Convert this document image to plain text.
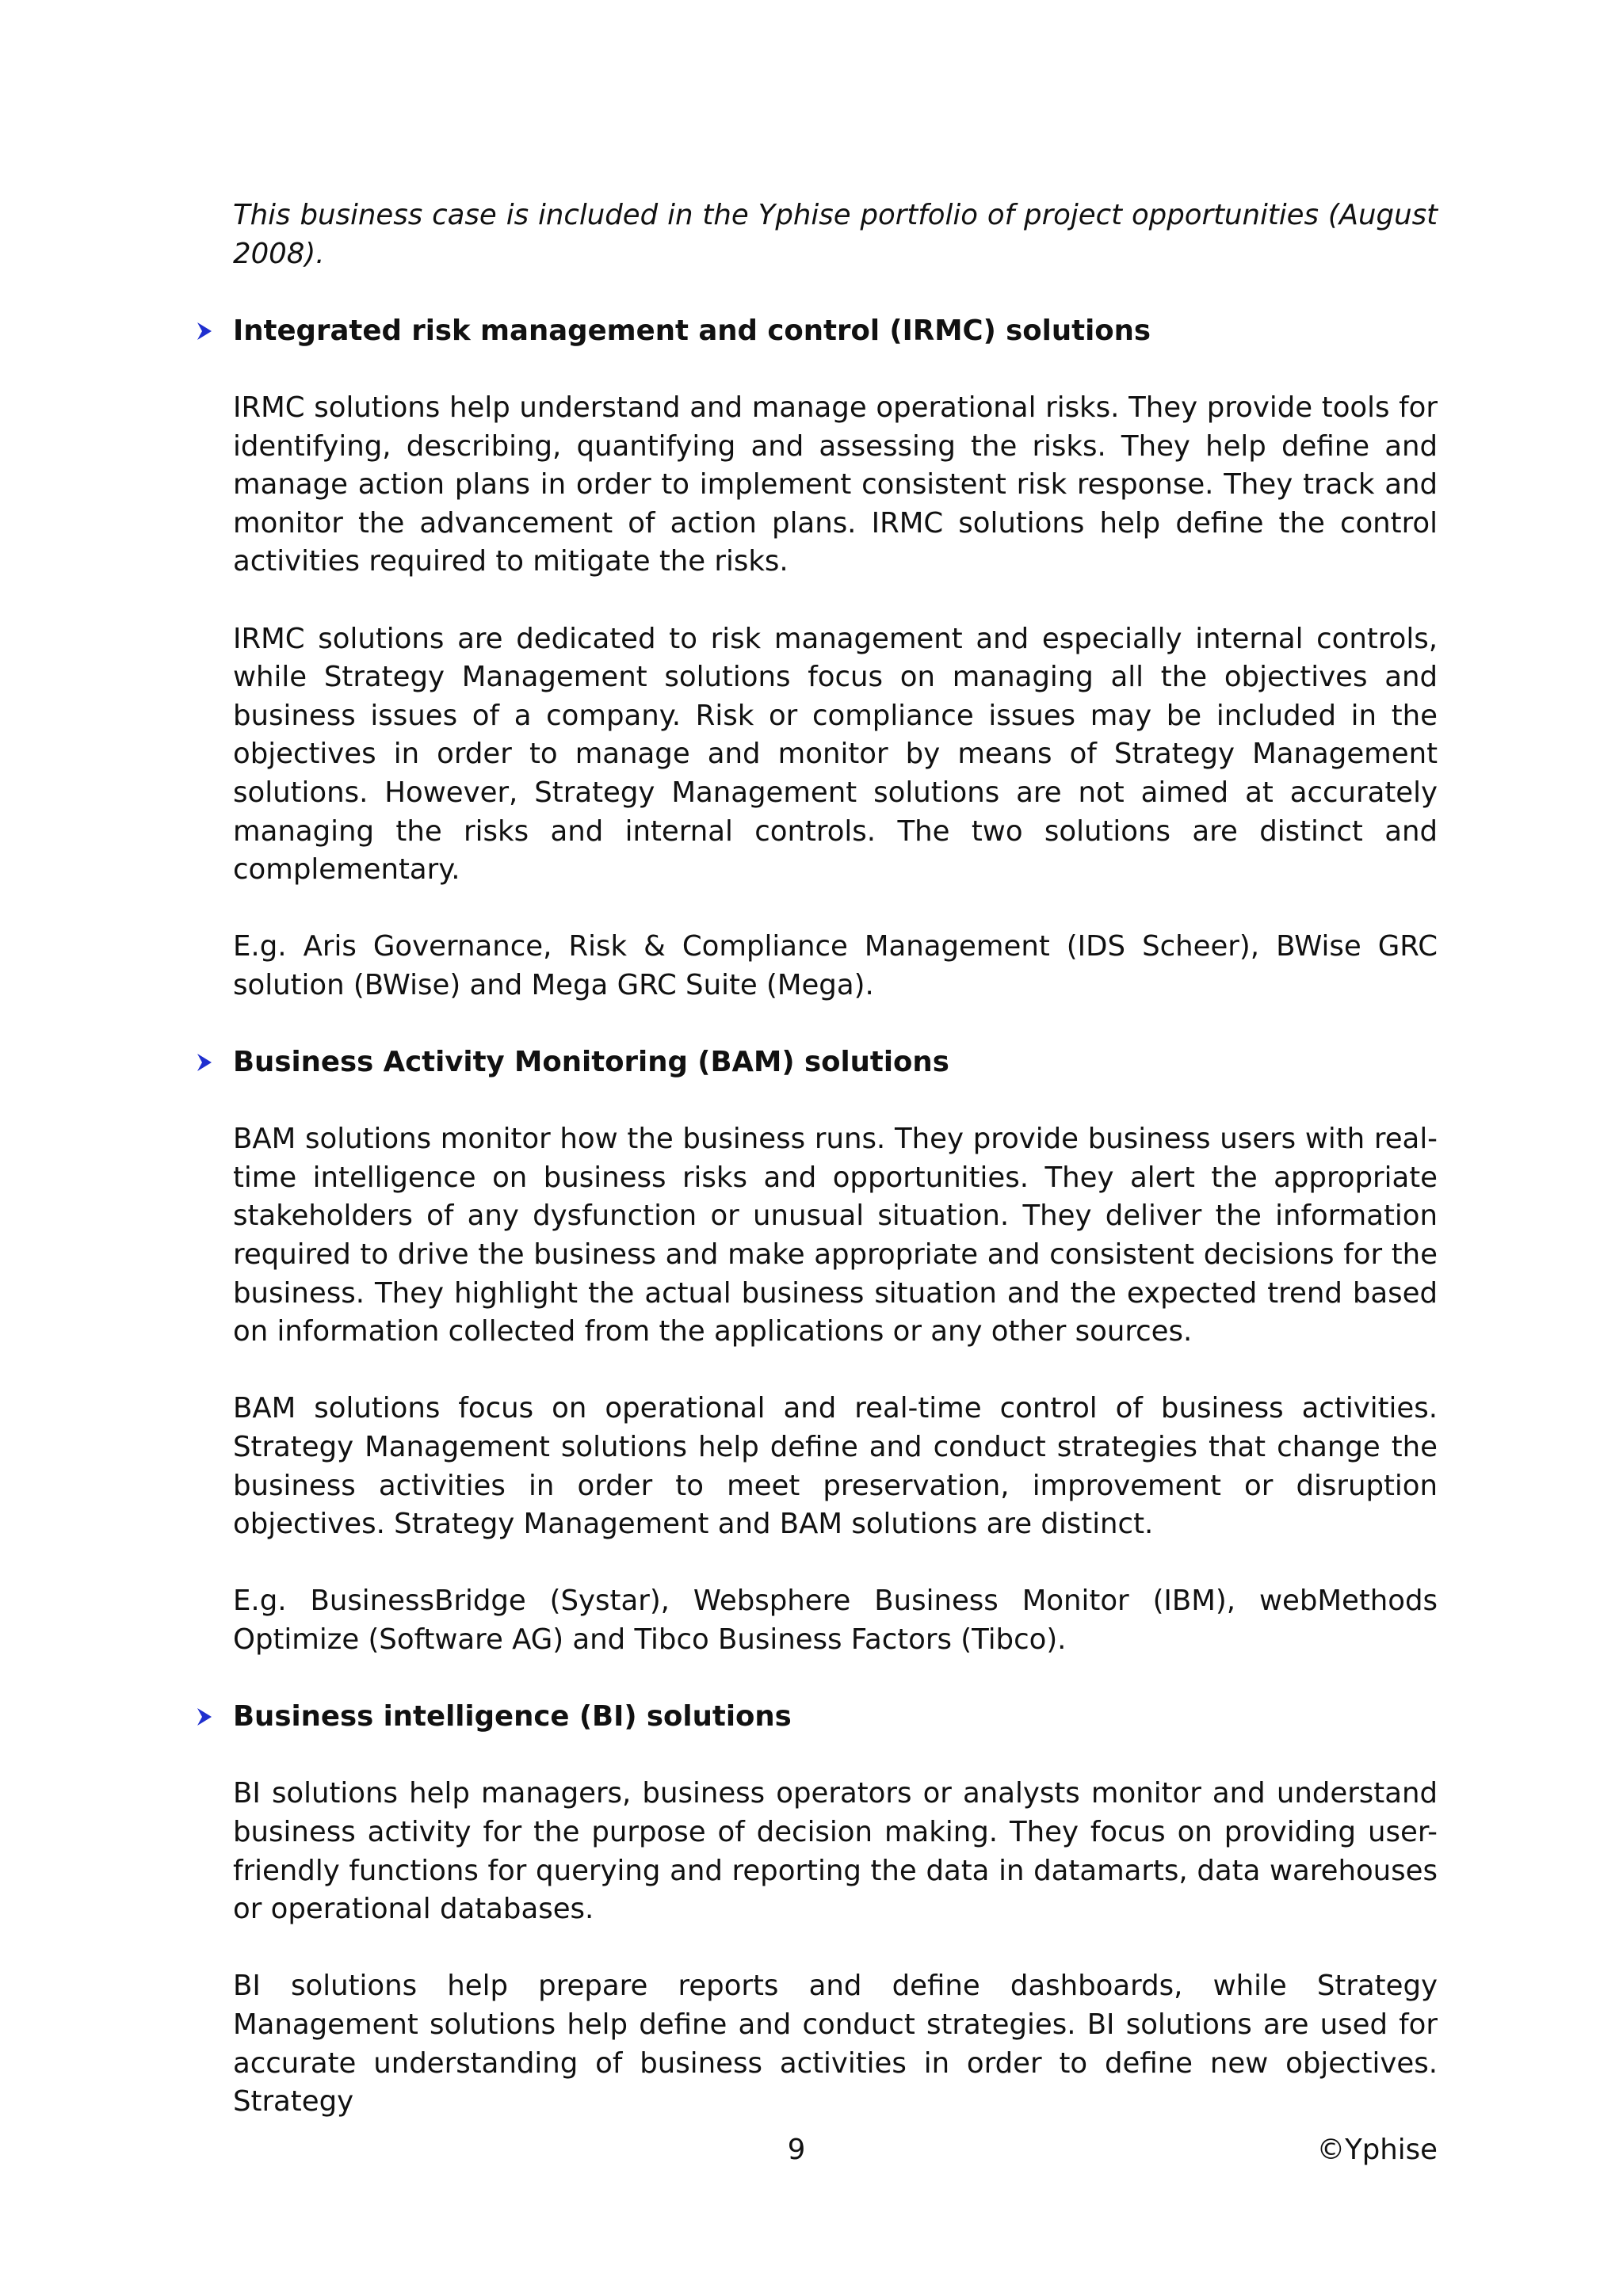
This business case is included in the Yphise portfolio of project opportunities (August 2008).

Integrated risk management and control (IRMC) solutions

IRMC solutions help understand and manage operational risks. They provide tools for identifying, describing, quantifying and assessing the risks. They help define and manage action plans in order to implement consistent risk response. They track and monitor the advancement of action plans. IRMC solutions help define the control activities required to mitigate the risks.

IRMC solutions are dedicated to risk management and especially internal controls, while Strategy Management solutions focus on managing all the objectives and business issues of a company. Risk or compliance issues may be included in the objectives in order to manage and monitor by means of Strategy Management solutions. However, Strategy Management solutions are not aimed at accurately managing the risks and internal controls. The two solutions are distinct and complementary.

E.g. Aris Governance, Risk & Compliance Management (IDS Scheer), BWise GRC solution (BWise) and Mega GRC Suite (Mega).

Business Activity Monitoring (BAM) solutions

BAM solutions monitor how the business runs. They provide business users with real-time intelligence on business risks and opportunities. They alert the appropriate stakeholders of any dysfunction or unusual situation. They deliver the information required to drive the business and make appropriate and consistent decisions for the business. They highlight the actual business situation and the expected trend based on information collected from the applications or any other sources.

BAM solutions focus on operational and real-time control of business activities. Strategy Management solutions help define and conduct strategies that change the business activities in order to meet preservation, improvement or disruption objectives. Strategy Management and BAM solutions are distinct.

E.g. BusinessBridge (Systar), Websphere Business Monitor (IBM), webMethods Optimize (Software AG) and Tibco Business Factors (Tibco).

Business intelligence (BI) solutions

BI solutions help managers, business operators or analysts monitor and understand business activity for the purpose of decision making. They focus on providing user-friendly functions for querying and reporting the data in datamarts, data warehouses or operational databases.

BI solutions help prepare reports and define dashboards, while Strategy Management solutions help define and conduct strategies. BI solutions are used for accurate understanding of business activities in order to define new objectives. Strategy

9	©Yphise
